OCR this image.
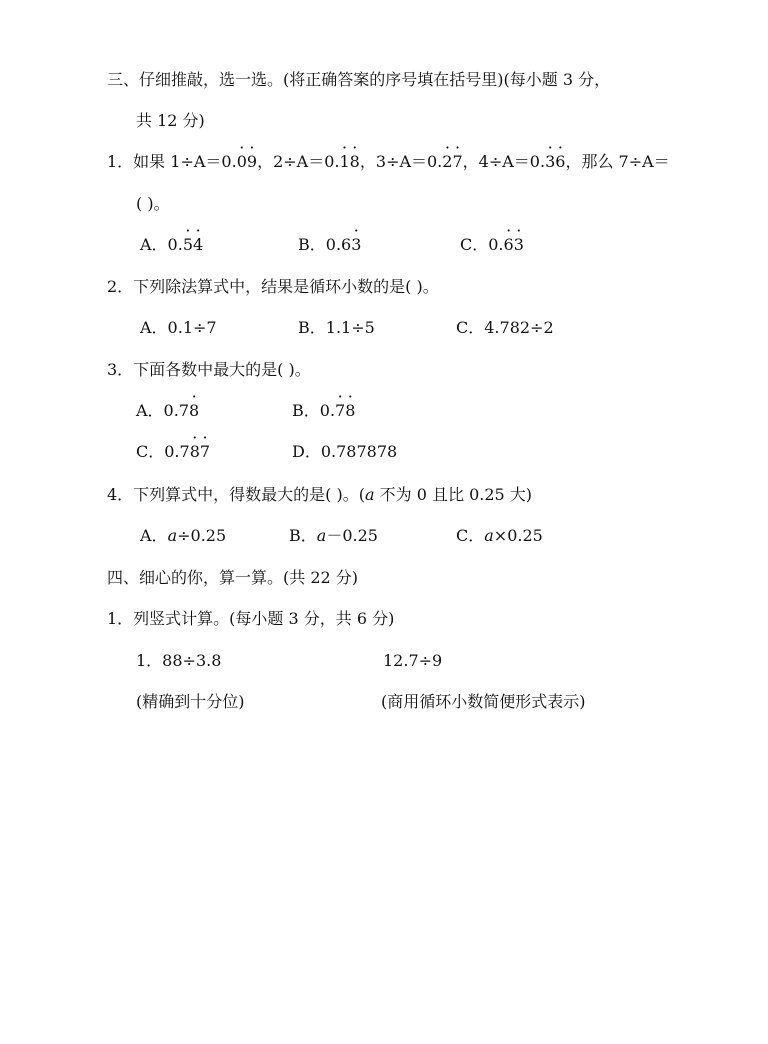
三、仔细推敲，选一选。(将正确答案的序号填在括号里)(每小题 3 分，
共 12 分)
1．如果 1÷A＝0.· 0· 9，2÷A＝0.· 1· 8，3÷A＝0.· 2· 7，4÷A＝0.· 3· 6，那么 7÷A＝
( )。
A．0.· 5· 4	B．0.6· 3	C．0.· 6· 3
2．下列除法算式中，结果是循环小数的是( )。
A．0.1÷7	B．1.1÷5	C．4.782÷2
3．下面各数中最大的是( )。
A．0.7· 8	B．0.· 7· 8
C．0.7· 8· 7	D．0.787878
4．下列算式中，得数最大的是( )。(a 不为 0 且比 0.25 大)
A．a÷0.25	B．a－0.25	C．a×0.25
四、细心的你，算一算。(共 22 分)
1．列竖式计算。(每小题 3 分，共 6 分)
1．88÷3.8	12.7÷9
(精确到十分位)	(商用循环小数简便形式表示)
